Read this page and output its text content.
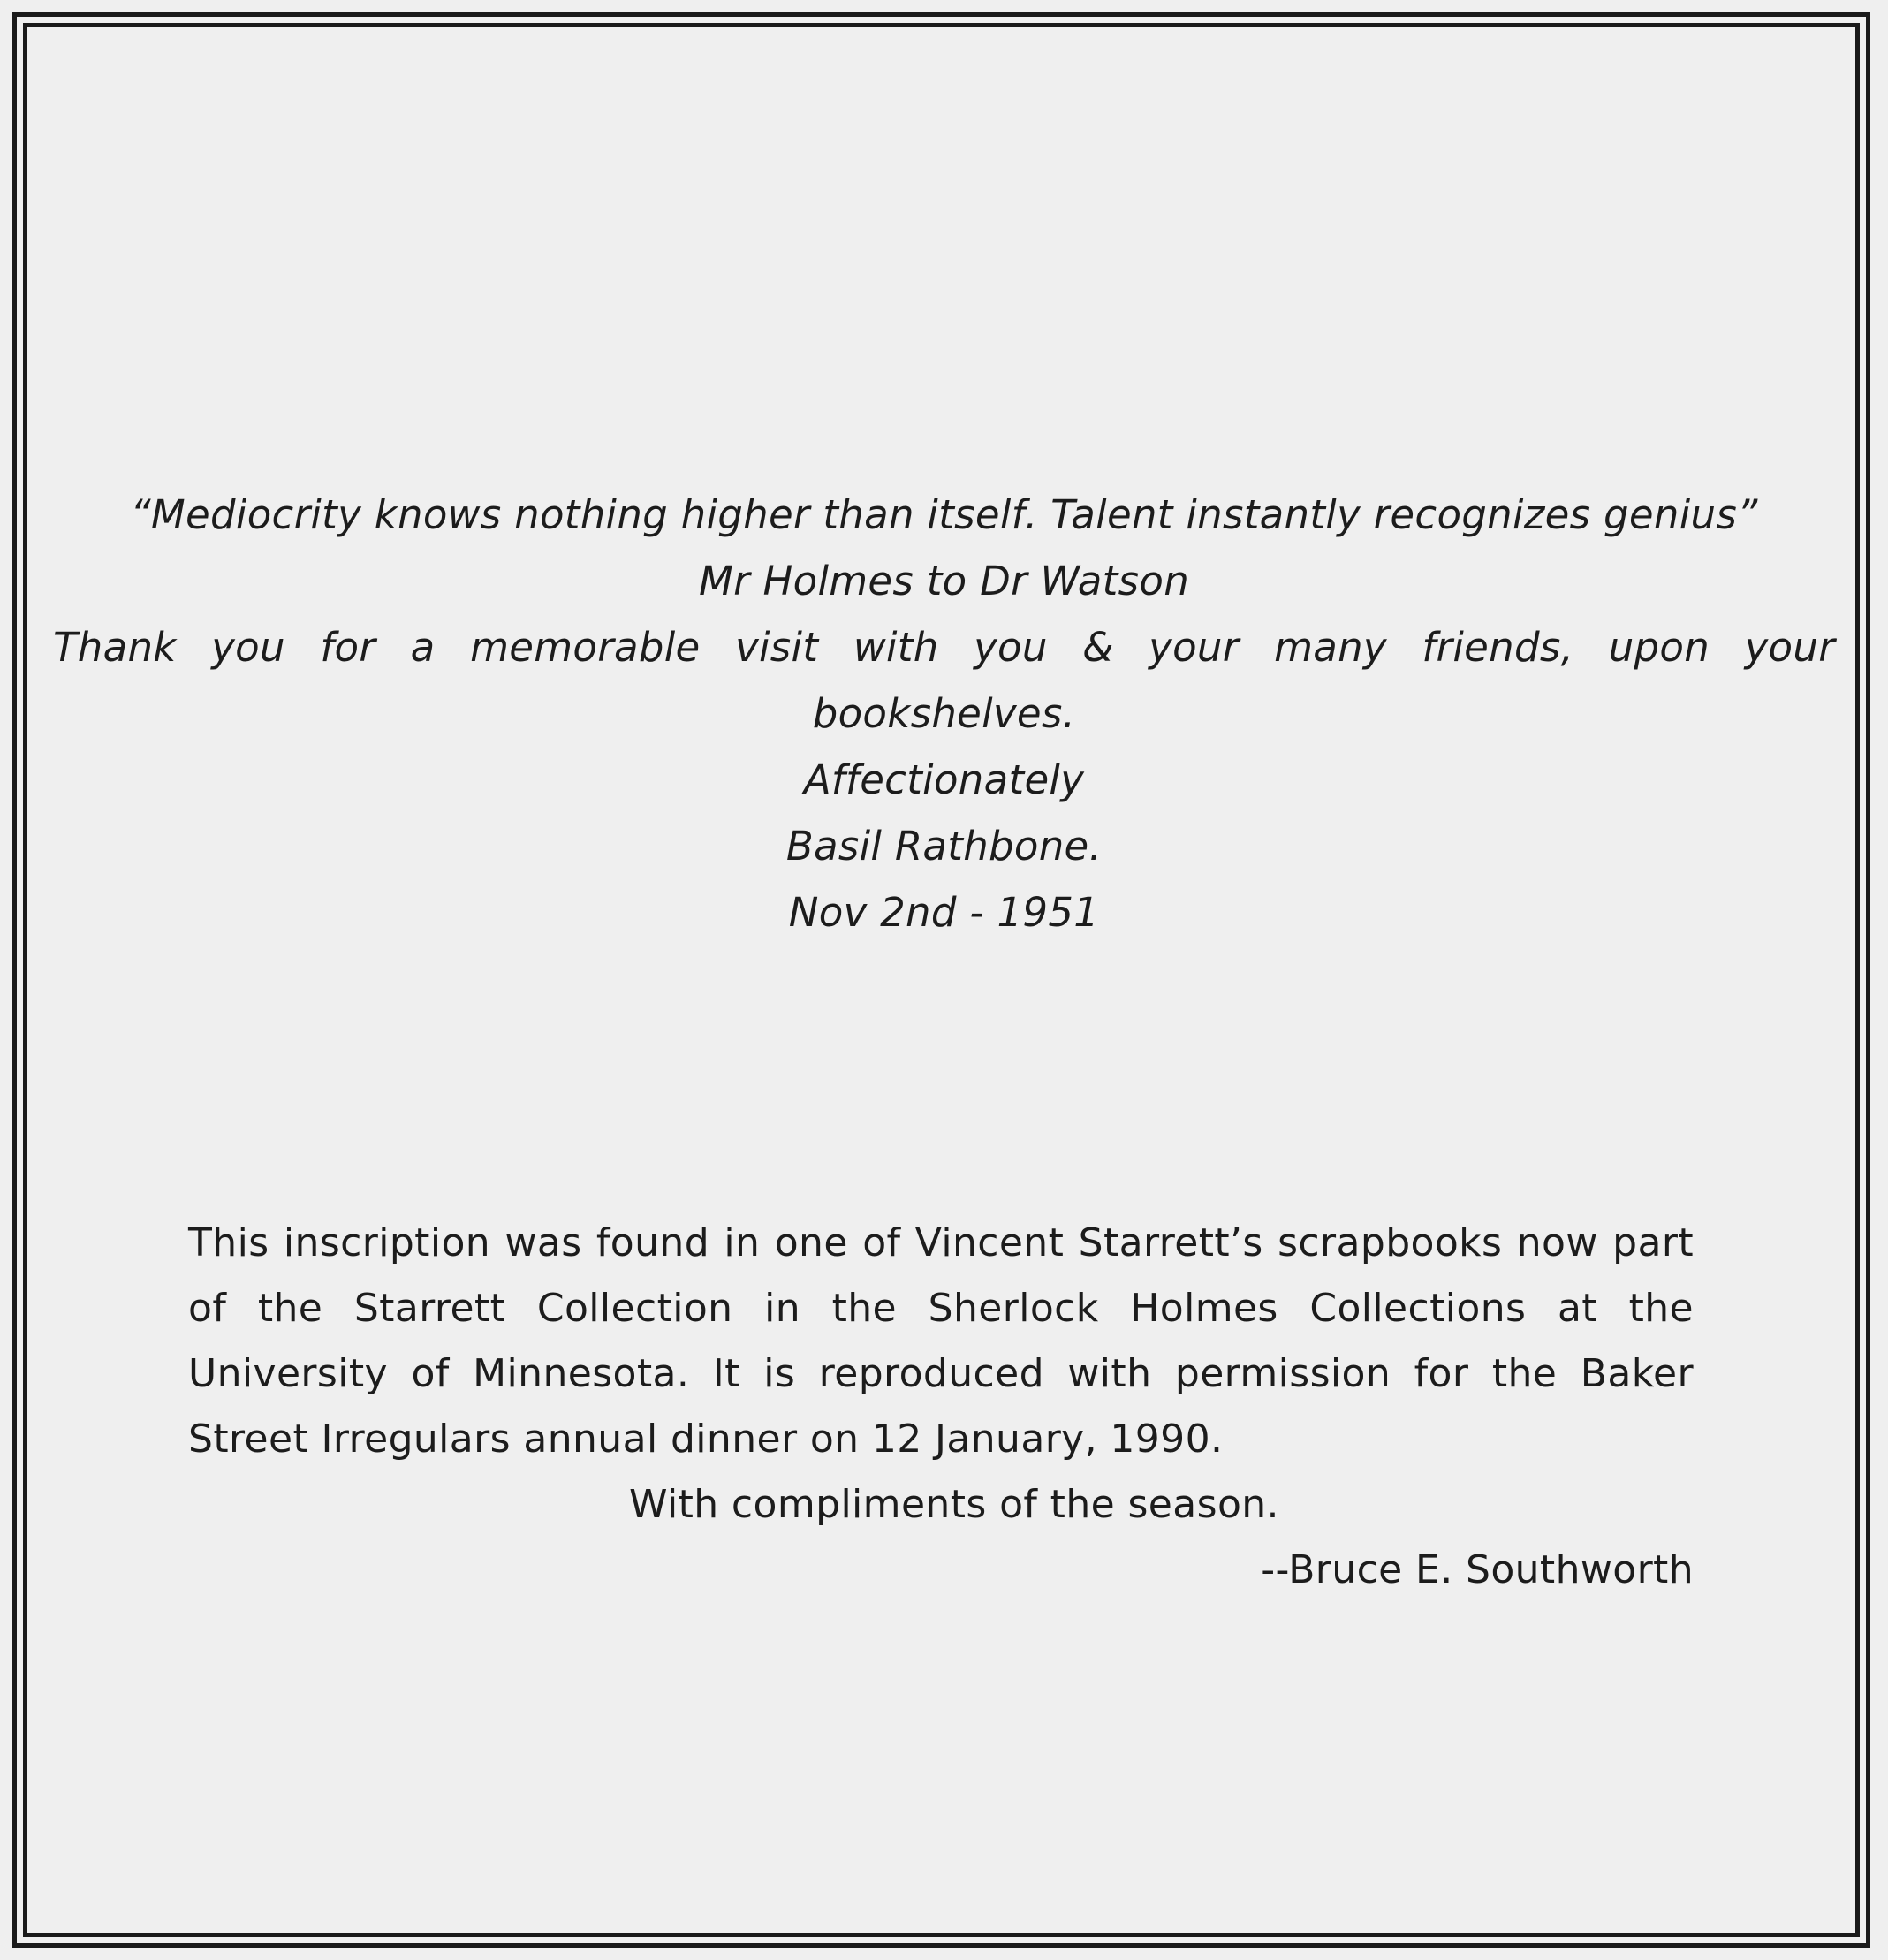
“Mediocrity knows nothing higher than itself. Talent instantly recognizes genius”
Mr Holmes to Dr Watson
Thank you for a memorable visit with you & your many friends, upon your
bookshelves.
Affectionately
Basil Rathbone.
Nov 2nd - 1951
This inscription was found in one of Vincent Starrett’s scrapbooks now part of the Starrett Collection in the Sherlock Holmes Collections at the University of Minnesota. It is reproduced with permission for the Baker Street Irregulars annual dinner on 12 January, 1990.
With compliments of the season.
--Bruce E. Southworth
